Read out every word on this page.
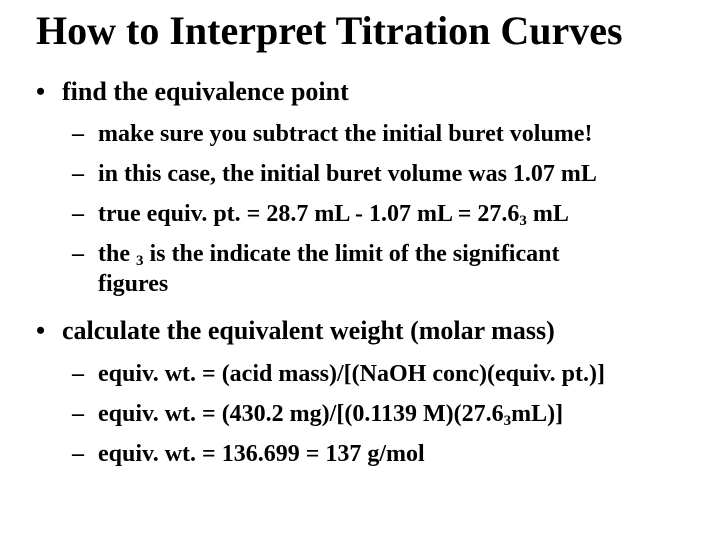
How to Interpret Titration Curves
• find the equivalence point
– make sure you subtract the initial buret volume!
– in this case, the initial buret volume was 1.07 mL
– true equiv. pt. = 28.7 mL - 1.07 mL = $27.6_3$ mL
– the $_3$ is the indicate the limit of the significant
figures
• calculate the equivalent weight (molar mass)
– equiv. wt. = (acid mass)/[(NaOH conc)(equiv. pt.)]
– equiv. wt. = (430.2 mg)/[(0.1139 $M)(27.6_3mL)$]
– equiv. wt. = 136.699 = 137 g/mol
